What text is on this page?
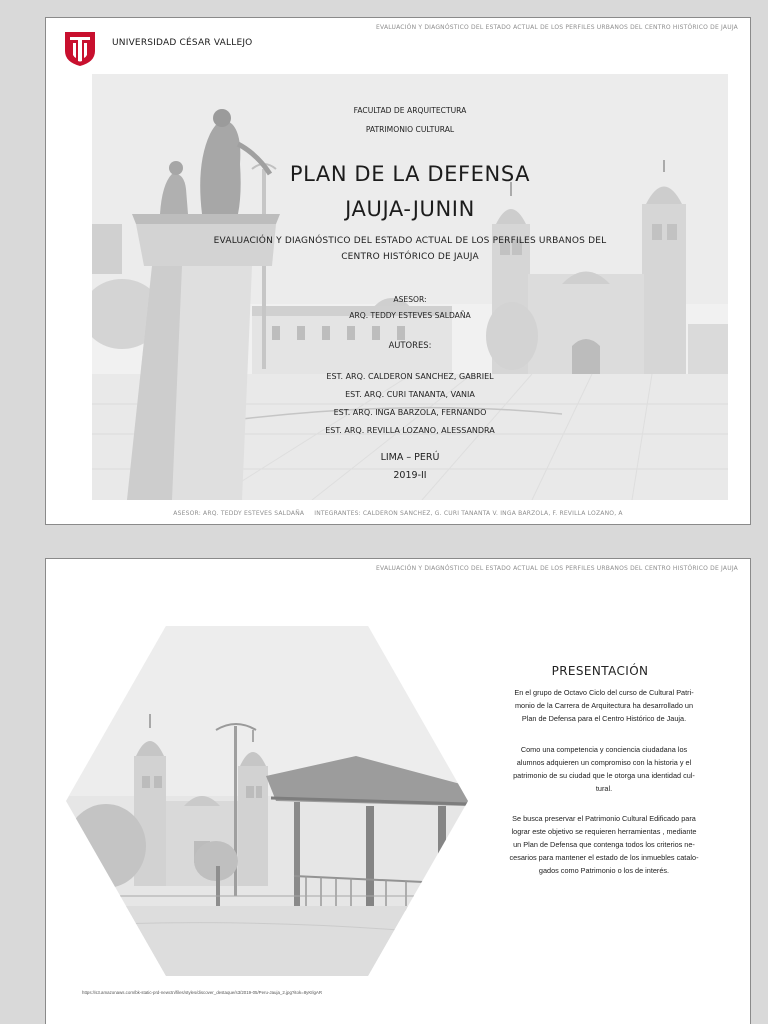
EVALUACIÓN Y DIAGNÓSTICO DEL ESTADO ACTUAL DE LOS PERFILES URBANOS DEL CENTRO HISTÓRICO DE JAUJA
UNIVERSIDAD CÉSAR VALLEJO
FACULTAD DE ARQUITECTURA
PATRIMONIO CULTURAL
PLAN DE LA DEFENSA
JAUJA-JUNIN
EVALUACIÓN Y DIAGNÓSTICO DEL ESTADO ACTUAL DE LOS PERFILES URBANOS DEL
CENTRO HISTÓRICO DE JAUJA
ASESOR:
ARQ. TEDDY ESTEVES SALDAÑA
AUTORES:
EST. ARQ. CALDERON SANCHEZ, GABRIEL
EST. ARQ. CURI TANANTA, VANIA
EST. ARQ. INGA BARZOLA, FERNANDO
EST. ARQ. REVILLA LOZANO, ALESSANDRA
LIMA – PERÚ
2019-II
ASESOR: ARQ. TEDDY ESTEVES SALDAÑA INTEGRANTES: CALDERON SANCHEZ, G. CURI TANANTA V. INGA BARZOLA, F. REVILLA LOZANO, A
EVALUACIÓN Y DIAGNÓSTICO DEL ESTADO ACTUAL DE LOS PERFILES URBANOS DEL CENTRO HISTÓRICO DE JAUJA
https://s3.amazonaws.com/bk-static-prd-newctn/files/styles/discover_destaque/s3/2019-05/Peru-Jauja_2.jpg?itok=8yKIlgAR
PRESENTACIÓN
En el grupo de Octavo Ciclo del curso de Cultural Patri-
monio de la Carrera de Arquitectura ha desarrollado un
Plan de Defensa para el Centro Histórico de Jauja.
Como una competencia y conciencia ciudadana los
alumnos adquieren un compromiso con la historia y el
patrimonio de su ciudad que le otorga una identidad cul-
tural.
Se busca preservar el Patrimonio Cultural Edificado para
lograr este objetivo se requieren herramientas , mediante
un Plan de Defensa que contenga todos los criterios ne-
cesarios para mantener el estado de los inmuebles catalo-
gados como Patrimonio o los de interés.
